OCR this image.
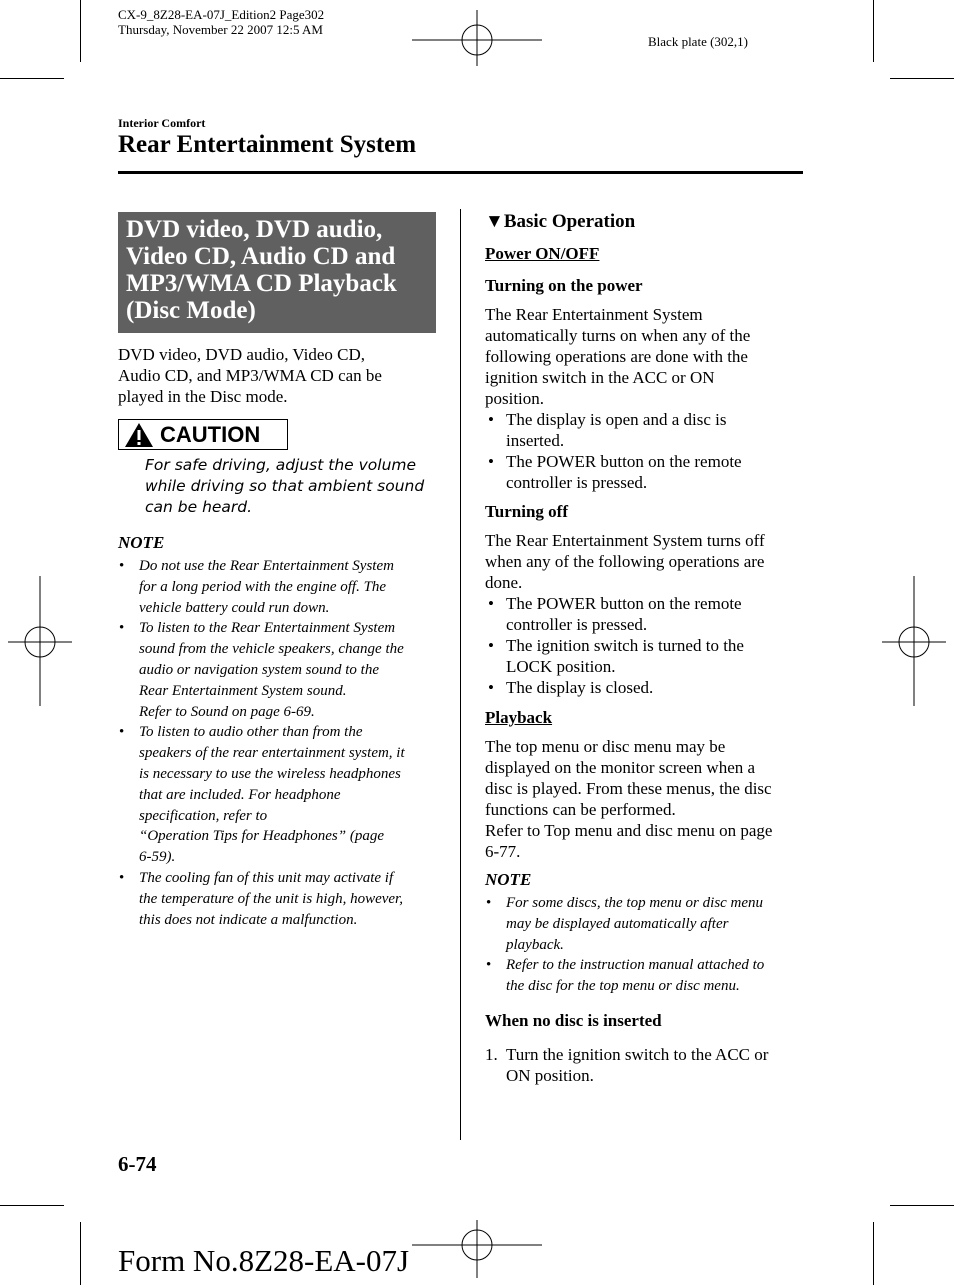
CX-9_8Z28-EA-07J_Edition2 Page302
Thursday, November 22 2007 12:5 AM
Black plate (302,1)
Interior Comfort
Rear Entertainment System
DVD video, DVD audio,
Video CD, Audio CD and
MP3/WMA CD Playback
(Disc Mode)
DVD video, DVD audio, Video CD,
Audio CD, and MP3/WMA CD can be
played in the Disc mode.
CAUTION
For safe driving, adjust the volume
while driving so that ambient sound
can be heard.
NOTE
• Do not use the Rear Entertainment System
for a long period with the engine off. The
vehicle battery could run down.
• To listen to the Rear Entertainment System
sound from the vehicle speakers, change the
audio or navigation system sound to the
Rear Entertainment System sound.
Refer to Sound on page 6-69.
• To listen to audio other than from the
speakers of the rear entertainment system, it
is necessary to use the wireless headphones
that are included. For headphone
specification, refer to
“Operation Tips for Headphones” (page
6-59).
• The cooling fan of this unit may activate if
the temperature of the unit is high, however,
this does not indicate a malfunction.
▼Basic Operation
Power ON/OFF
Turning on the power
The Rear Entertainment System
automatically turns on when any of the
following operations are done with the
ignition switch in the ACC or ON
position.
• The display is open and a disc is
inserted.
• The POWER button on the remote
controller is pressed.
Turning off
The Rear Entertainment System turns off
when any of the following operations are
done.
• The POWER button on the remote
controller is pressed.
• The ignition switch is turned to the
LOCK position.
• The display is closed.
Playback
The top menu or disc menu may be
displayed on the monitor screen when a
disc is played. From these menus, the disc
functions can be performed.
Refer to Top menu and disc menu on page
6-77.
NOTE
• For some discs, the top menu or disc menu
may be displayed automatically after
playback.
• Refer to the instruction manual attached to
the disc for the top menu or disc menu.
When no disc is inserted
1. Turn the ignition switch to the ACC or
ON position.
6-74
Form No.8Z28-EA-07J
